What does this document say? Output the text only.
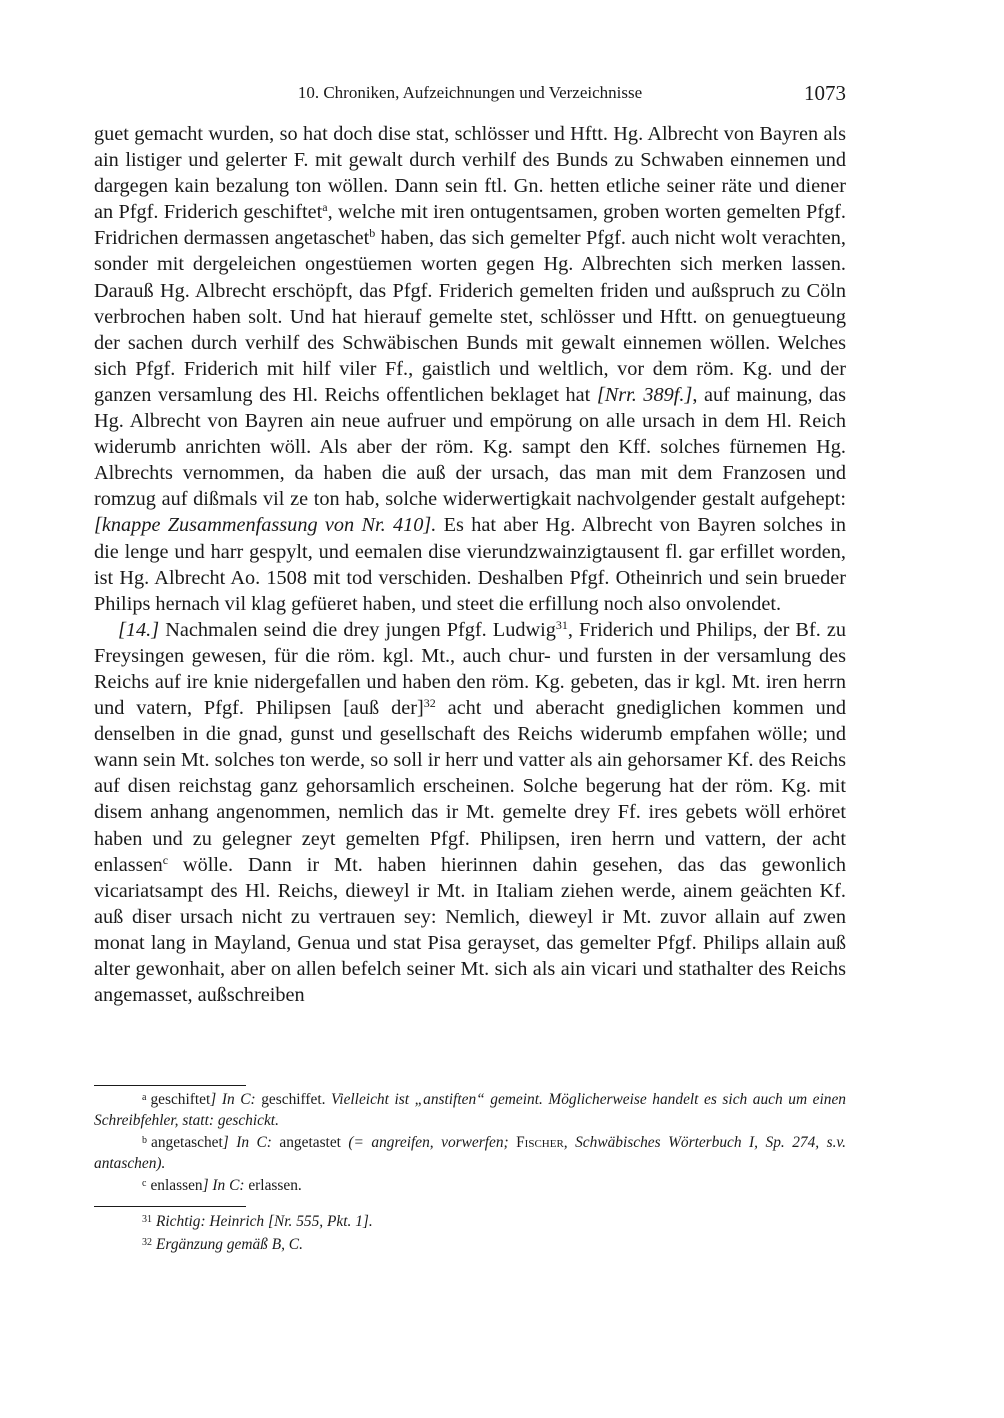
10. Chroniken, Aufzeichnungen und Verzeichnisse	1073

guet gemacht wurden, so hat doch dise stat, schlösser und Hftt. Hg. Albrecht von Bayren als ain listiger und gelerter F. mit gewalt durch verhilf des Bunds zu Schwaben einnemen und dargegen kain bezalung ton wöllen. Dann sein ftl. Gn. hetten etliche seiner räte und diener an Pfgf. Friderich geschiftet$^a$, welche mit iren ontugentsamen, groben worten gemelten Pfgf. Fridrichen dermassen angetaschet$^b$ haben, das sich gemelter Pfgf. auch nicht wolt verachten, sonder mit dergeleichen ongestüemen worten gegen Hg. Albrechten sich merken lassen. Darauß Hg. Albrecht erschöpft, das Pfgf. Friderich gemelten friden und außspruch zu Cöln verbrochen haben solt. Und hat hierauf gemelte stet, schlösser und Hftt. on genuegtueung der sachen durch verhilf des Schwäbischen Bunds mit gewalt einnemen wöllen. Welches sich Pfgf. Friderich mit hilf viler Ff., gaistlich und weltlich, vor dem röm. Kg. und der ganzen versamlung des Hl. Reichs offentlichen beklaget hat [Nrr. 389f.], auf mainung, das Hg. Albrecht von Bayren ain neue aufruer und empörung on alle ursach in dem Hl. Reich widerumb anrichten wöll. Als aber der röm. Kg. sampt den Kff. solches fürnemen Hg. Albrechts vernommen, da haben die auß der ursach, das man mit dem Franzosen und romzug auf dißmals vil ze ton hab, solche widerwertigkait nachvolgender gestalt aufgehept: [knappe Zusammenfassung von Nr. 410]. Es hat aber Hg. Albrecht von Bayren solches in die lenge und harr gespylt, und eemalen dise vierundzwainzigtausent fl. gar erfillet worden, ist Hg. Albrecht Ao. 1508 mit tod verschiden. Deshalben Pfgf. Otheinrich und sein brueder Philips hernach vil klag gefüeret haben, und steet die erfillung noch also onvolendet.

[14.] Nachmalen seind die drey jungen Pfgf. Ludwig$^{31}$, Friderich und Philips, der Bf. zu Freysingen gewesen, für die röm. kgl. Mt., auch chur- und fursten in der versamlung des Reichs auf ire knie nidergefallen und haben den röm. Kg. gebeten, das ir kgl. Mt. iren herrn und vatern, Pfgf. Philipsen [auß der]$^{32}$ acht und aberacht gnediglichen kommen und denselben in die gnad, gunst und gesellschaft des Reichs widerumb empfahen wölle; und wann sein Mt. solches ton werde, so soll ir herr und vatter als ain gehorsamer Kf. des Reichs auf disen reichstag ganz gehorsamlich erscheinen. Solche begerung hat der röm. Kg. mit disem anhang angenommen, nemlich das ir Mt. gemelte drey Ff. ires gebets wöll erhöret haben und zu gelegner zeyt gemelten Pfgf. Philipsen, iren herrn und vattern, der acht enlassen$^c$ wölle. Dann ir Mt. haben hierinnen dahin gesehen, das das gewonlich vicariatsampt des Hl. Reichs, dieweyl ir Mt. in Italiam ziehen werde, ainem geächten Kf. auß diser ursach nicht zu vertrauen sey: Nemlich, dieweyl ir Mt. zuvor allain auf zwen monat lang in Mayland, Genua und stat Pisa gerayset, das gemelter Pfgf. Philips allain auß alter gewonhait, aber on allen befelch seiner Mt. sich als ain vicari und stathalter des Reichs angemasset, außschreiben

a geschiftet] In C: geschiffet. Vielleicht ist „anstiften“ gemeint. Möglicherweise handelt es sich auch um einen Schreibfehler, statt: geschickt.

b angetaschet] In C: angetastet (= angreifen, vorwerfen; Fischer, Schwäbisches Wörterbuch I, Sp. 274, s.v. antaschen).

c enlassen] In C: erlassen.

31 Richtig: Heinrich [Nr. 555, Pkt. 1].

32 Ergänzung gemäß B, C.
